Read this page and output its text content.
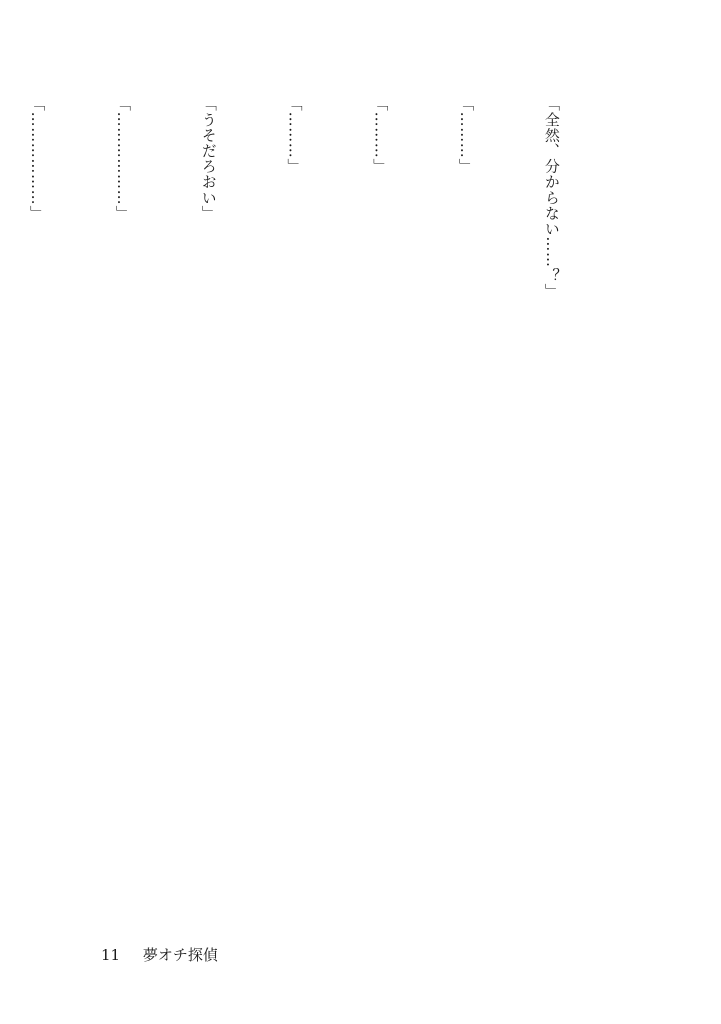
「全然、分からない……？」

「………」

「………」

「………」

「うそだろおい」

「………………」

「………………」

11 夢オチ探偵
